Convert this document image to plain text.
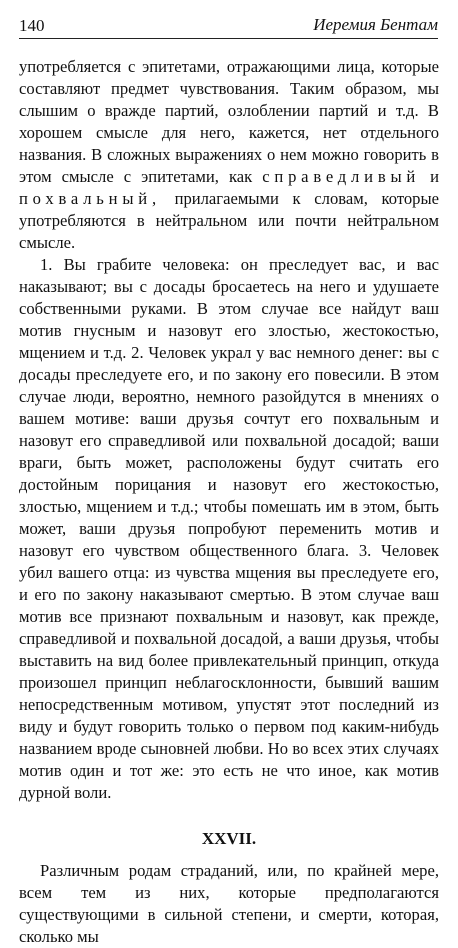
140	Иеремия Бентам

употребляется с эпитетами, отражающими лица, которые составляют предмет чувствования. Таким образом, мы слышим о вражде партий, озлоблении партий и т.д. В хорошем смысле для него, кажется, нет отдельного названия. В сложных выражениях о нем можно говорить в этом смысле с эпитетами, как справедливый и похвальный, прилагаемыми к словам, которые употребляются в нейтральном или почти нейтральном смысле.

1. Вы грабите человека: он преследует вас, и вас наказывают; вы с досады бросаетесь на него и удушаете собственными руками. В этом случае все найдут ваш мотив гнусным и назовут его злостью, жестокостью, мщением и т.д. 2. Человек украл у вас немного денег: вы с досады преследуете его, и по закону его повесили. В этом случае люди, вероятно, немного разойдутся в мнениях о вашем мотиве: ваши друзья сочтут его похвальным и назовут его справедливой или похвальной досадой; ваши враги, быть может, расположены будут считать его достойным порицания и назовут его жестокостью, злостью, мщением и т.д.; чтобы помешать им в этом, быть может, ваши друзья попробуют переменить мотив и назовут его чувством общественного блага. 3. Человек убил вашего отца: из чувства мщения вы преследуете его, и его по закону наказывают смертью. В этом случае ваш мотив все признают похвальным и назовут, как прежде, справедливой и похвальной досадой, а ваши друзья, чтобы выставить на вид более привлекательный принцип, откуда произошел принцип неблагосклонности, бывший вашим непосредственным мотивом, упустят этот последний из виду и будут говорить только о первом под каким-нибудь названием вроде сыновней любви. Но во всех этих случаях мотив один и тот же: это есть не что иное, как мотив дурной воли.

XXVII.

Различным родам страданий, или, по крайней мере, всем тем из них, которые предполагаются существующими в сильной степени, и смерти, которая, сколько мы
